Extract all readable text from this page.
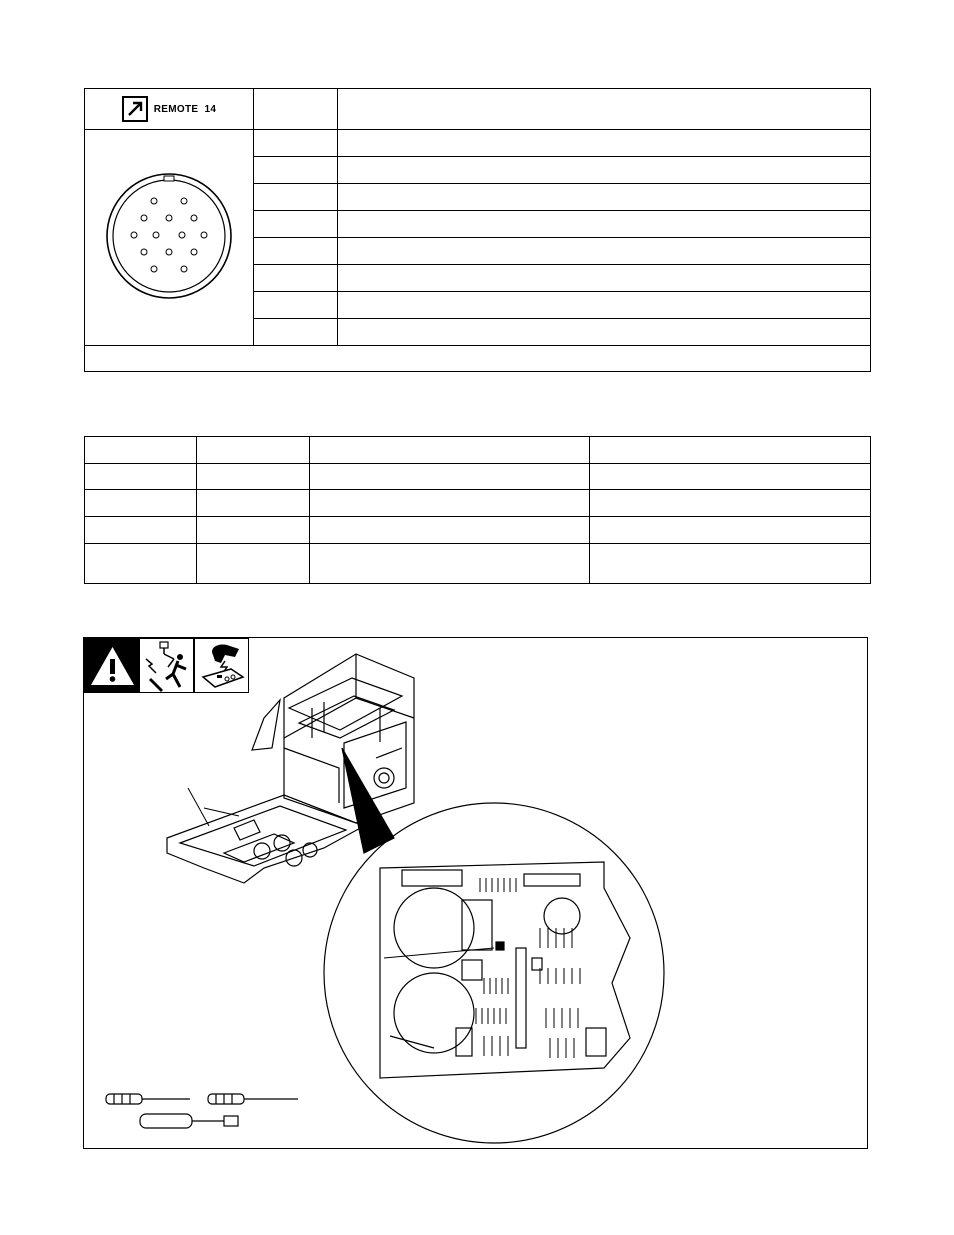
REMOTE  14		
